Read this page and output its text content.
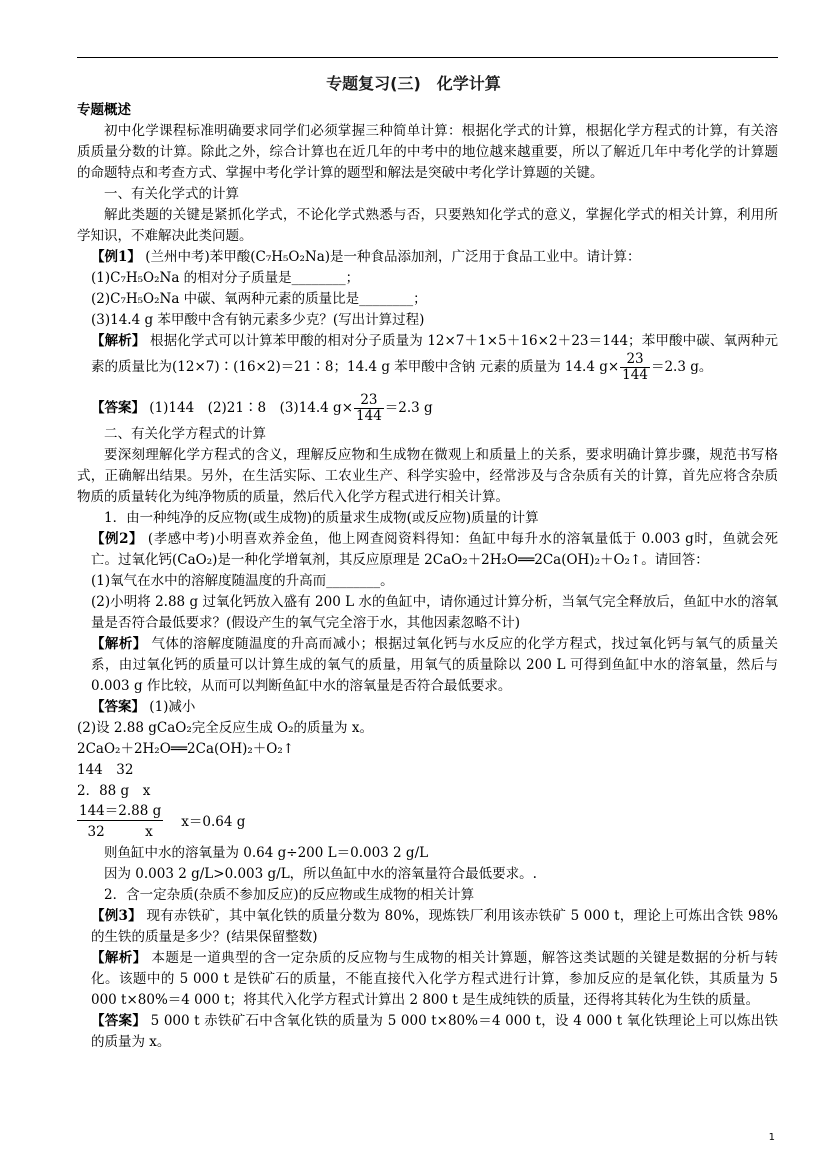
专题复习(三)　化学计算

专题概述

初中化学课程标准明确要求同学们必须掌握三种简单计算：根据化学式的计算，根据化学方程式的计算，有关溶质质量分数的计算。除此之外，综合计算也在近几年的中考中的地位越来越重要，所以了解近几年中考化学的计算题的命题特点和考查方式、掌握中考化学计算的题型和解法是突破中考化学计算题的关键。

一、有关化学式的计算

解此类题的关键是紧抓化学式，不论化学式熟悉与否，只要熟知化学式的意义，掌握化学式的相关计算，利用所学知识，不难解决此类问题。

【例1】 (兰州中考)苯甲酸(C₇H₅O₂Na)是一种食品添加剂，广泛用于食品工业中。请计算：

(1)C₇H₅O₂Na 的相对分子质量是________；

(2)C₇H₅O₂Na 中碳、氧两种元素的质量比是________；

(3)14.4 g 苯甲酸中含有钠元素多少克？(写出计算过程)

【解析】 根据化学式可以计算苯甲酸的相对分子质量为 12×7＋1×5＋16×2＋23＝144；苯甲酸中碳、氧两种元素的质量比为(12×7)∶(16×2)＝21∶8；14.4 g 苯甲酸中含钠 元素的质量为 14.4 $g\times \frac{23}{144} =2.3$ g。

【答案】 (1)144　(2)21∶8　(3)14.4 $g\times \frac{23}{144} =2.3$ g

二、有关化学方程式的计算

要深刻理解化学方程式的含义，理解反应物和生成物在微观上和质量上的关系，要求明确计算步骤，规范书写格式，正确解出结果。另外，在生活实际、工农业生产、科学实验中，经常涉及与含杂质有关的计算，首先应将含杂质物质的质量转化为纯净物质的质量，然后代入化学方程式进行相关计算。

1．由一种纯净的反应物(或生成物)的质量求生成物(或反应物)质量的计算

【例2】 (孝感中考)小明喜欢养金鱼，他上网查阅资料得知：鱼缸中每升水的溶氧量低于 0.003 g时，鱼就会死亡。过氧化钙(CaO₂)是一种化学增氧剂，其反应原理是 2CaO₂＋2H₂O══2Ca(OH)₂＋O₂↑。请回答：

(1)氧气在水中的溶解度随温度的升高而________。

(2)小明将 2.88 g 过氧化钙放入盛有 200 L 水的鱼缸中，请你通过计算分析，当氧气完全释放后，鱼缸中水的溶氧量是否符合最低要求？(假设产生的氧气完全溶于水，其他因素忽略不计)

【解析】 气体的溶解度随温度的升高而减小；根据过氧化钙与水反应的化学方程式，找过氧化钙与氧气的质量关系，由过氧化钙的质量可以计算生成的氧气的质量，用氧气的质量除以 200 L 可得到鱼缸中水的溶氧量，然后与 0.003 g 作比较，从而可以判断鱼缸中水的溶氧量是否符合最低要求。

【答案】 (1)减小

(2)设 2.88 gCaO₂完全反应生成 O₂的质量为 x。

2CaO₂＋2H₂O══2Ca(OH)₂＋O₂↑

144　32

2．88 g　x

$\frac{144=2.88 g}{32 x} x=0.64$ g

则鱼缸中水的溶氧量为 0.64 g÷200 L＝0.003 2 g/L

因为 0.003 2 g/L>0.003 g/L，所以鱼缸中水的溶氧量符合最低要求。.

2．含一定杂质(杂质不参加反应)的反应物或生成物的相关计算

【例3】 现有赤铁矿，其中氧化铁的质量分数为 80%，现炼铁厂利用该赤铁矿 5 000 t，理论上可炼出含铁 98%的生铁的质量是多少？(结果保留整数)

【解析】 本题是一道典型的含一定杂质的反应物与生成物的相关计算题，解答这类试题的关键是数据的分析与转化。该题中的 5 000 t 是铁矿石的质量，不能直接代入化学方程式进行计算，参加反应的是氧化铁，其质量为 5 000 t×80%＝4 000 t；将其代入化学方程式计算出 2 800 t 是生成纯铁的质量，还得将其转化为生铁的质量。

【答案】 5 000 t 赤铁矿石中含氧化铁的质量为 5 000 t×80%＝4 000 t，设 4 000 t 氧化铁理论上可以炼出铁的质量为 x。

1
